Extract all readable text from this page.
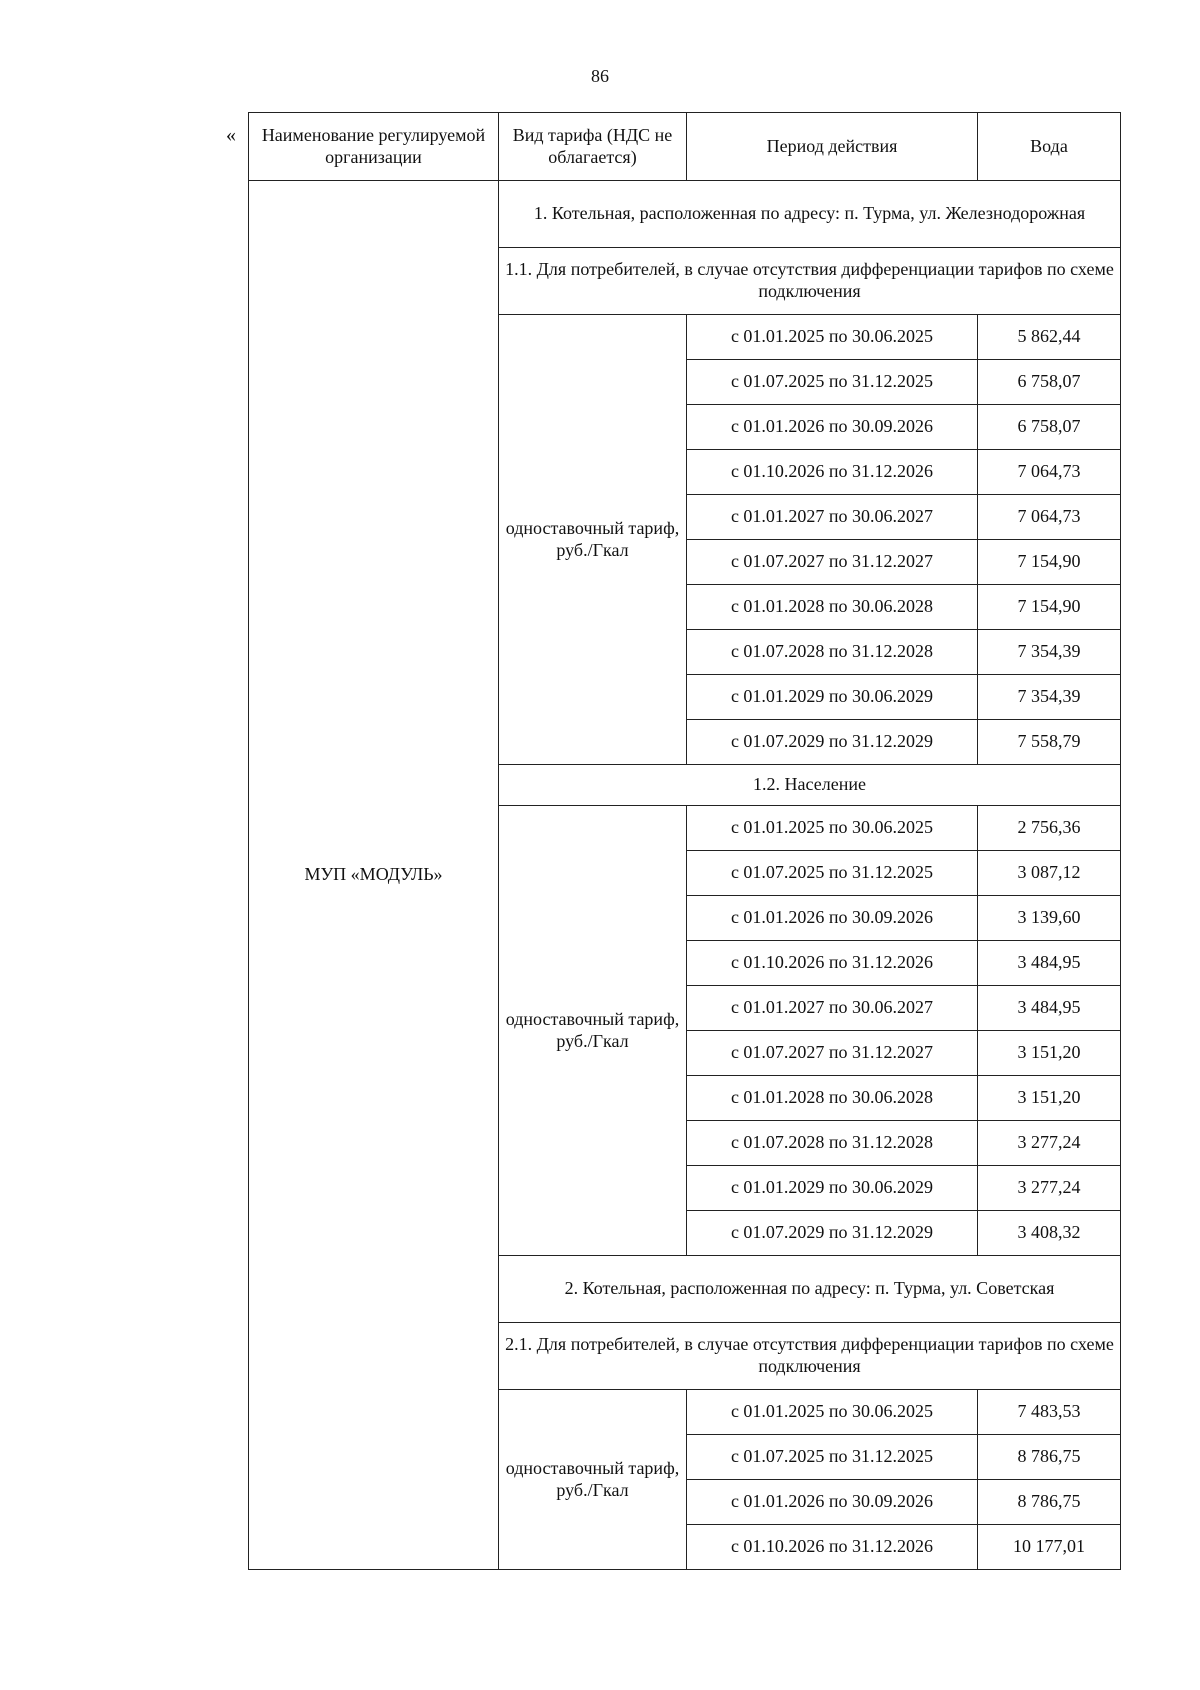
86
« Наименование регулируемой организации	Вид тарифа (НДС не облагается)	Период действия	Вода
МУП «МОДУЛЬ»	1. Котельная, расположенная по адресу: п. Турма, ул. Железнодорожная		
	1.1. Для потребителей, в случае отсутствия дифференциации тарифов по схеме подключения		
	одноставочный тариф, руб./Гкал	с 01.01.2025 по 30.06.2025	5 862,44
		с 01.07.2025 по 31.12.2025	6 758,07
		с 01.01.2026 по 30.09.2026	6 758,07
		с 01.10.2026 по 31.12.2026	7 064,73
		с 01.01.2027 по 30.06.2027	7 064,73
		с 01.07.2027 по 31.12.2027	7 154,90
		с 01.01.2028 по 30.06.2028	7 154,90
		с 01.07.2028 по 31.12.2028	7 354,39
		с 01.01.2029 по 30.06.2029	7 354,39
		с 01.07.2029 по 31.12.2029	7 558,79
	1.2. Население		
	одноставочный тариф, руб./Гкал	с 01.01.2025 по 30.06.2025	2 756,36
		с 01.07.2025 по 31.12.2025	3 087,12
		с 01.01.2026 по 30.09.2026	3 139,60
		с 01.10.2026 по 31.12.2026	3 484,95
		с 01.01.2027 по 30.06.2027	3 484,95
		с 01.07.2027 по 31.12.2027	3 151,20
		с 01.01.2028 по 30.06.2028	3 151,20
		с 01.07.2028 по 31.12.2028	3 277,24
		с 01.01.2029 по 30.06.2029	3 277,24
		с 01.07.2029 по 31.12.2029	3 408,32
	2. Котельная, расположенная по адресу: п. Турма, ул. Советская		
	2.1. Для потребителей, в случае отсутствия дифференциации тарифов по схеме подключения		
	одноставочный тариф, руб./Гкал	с 01.01.2025 по 30.06.2025	7 483,53
		с 01.07.2025 по 31.12.2025	8 786,75
		с 01.01.2026 по 30.09.2026	8 786,75
		с 01.10.2026 по 31.12.2026	10 177,01
